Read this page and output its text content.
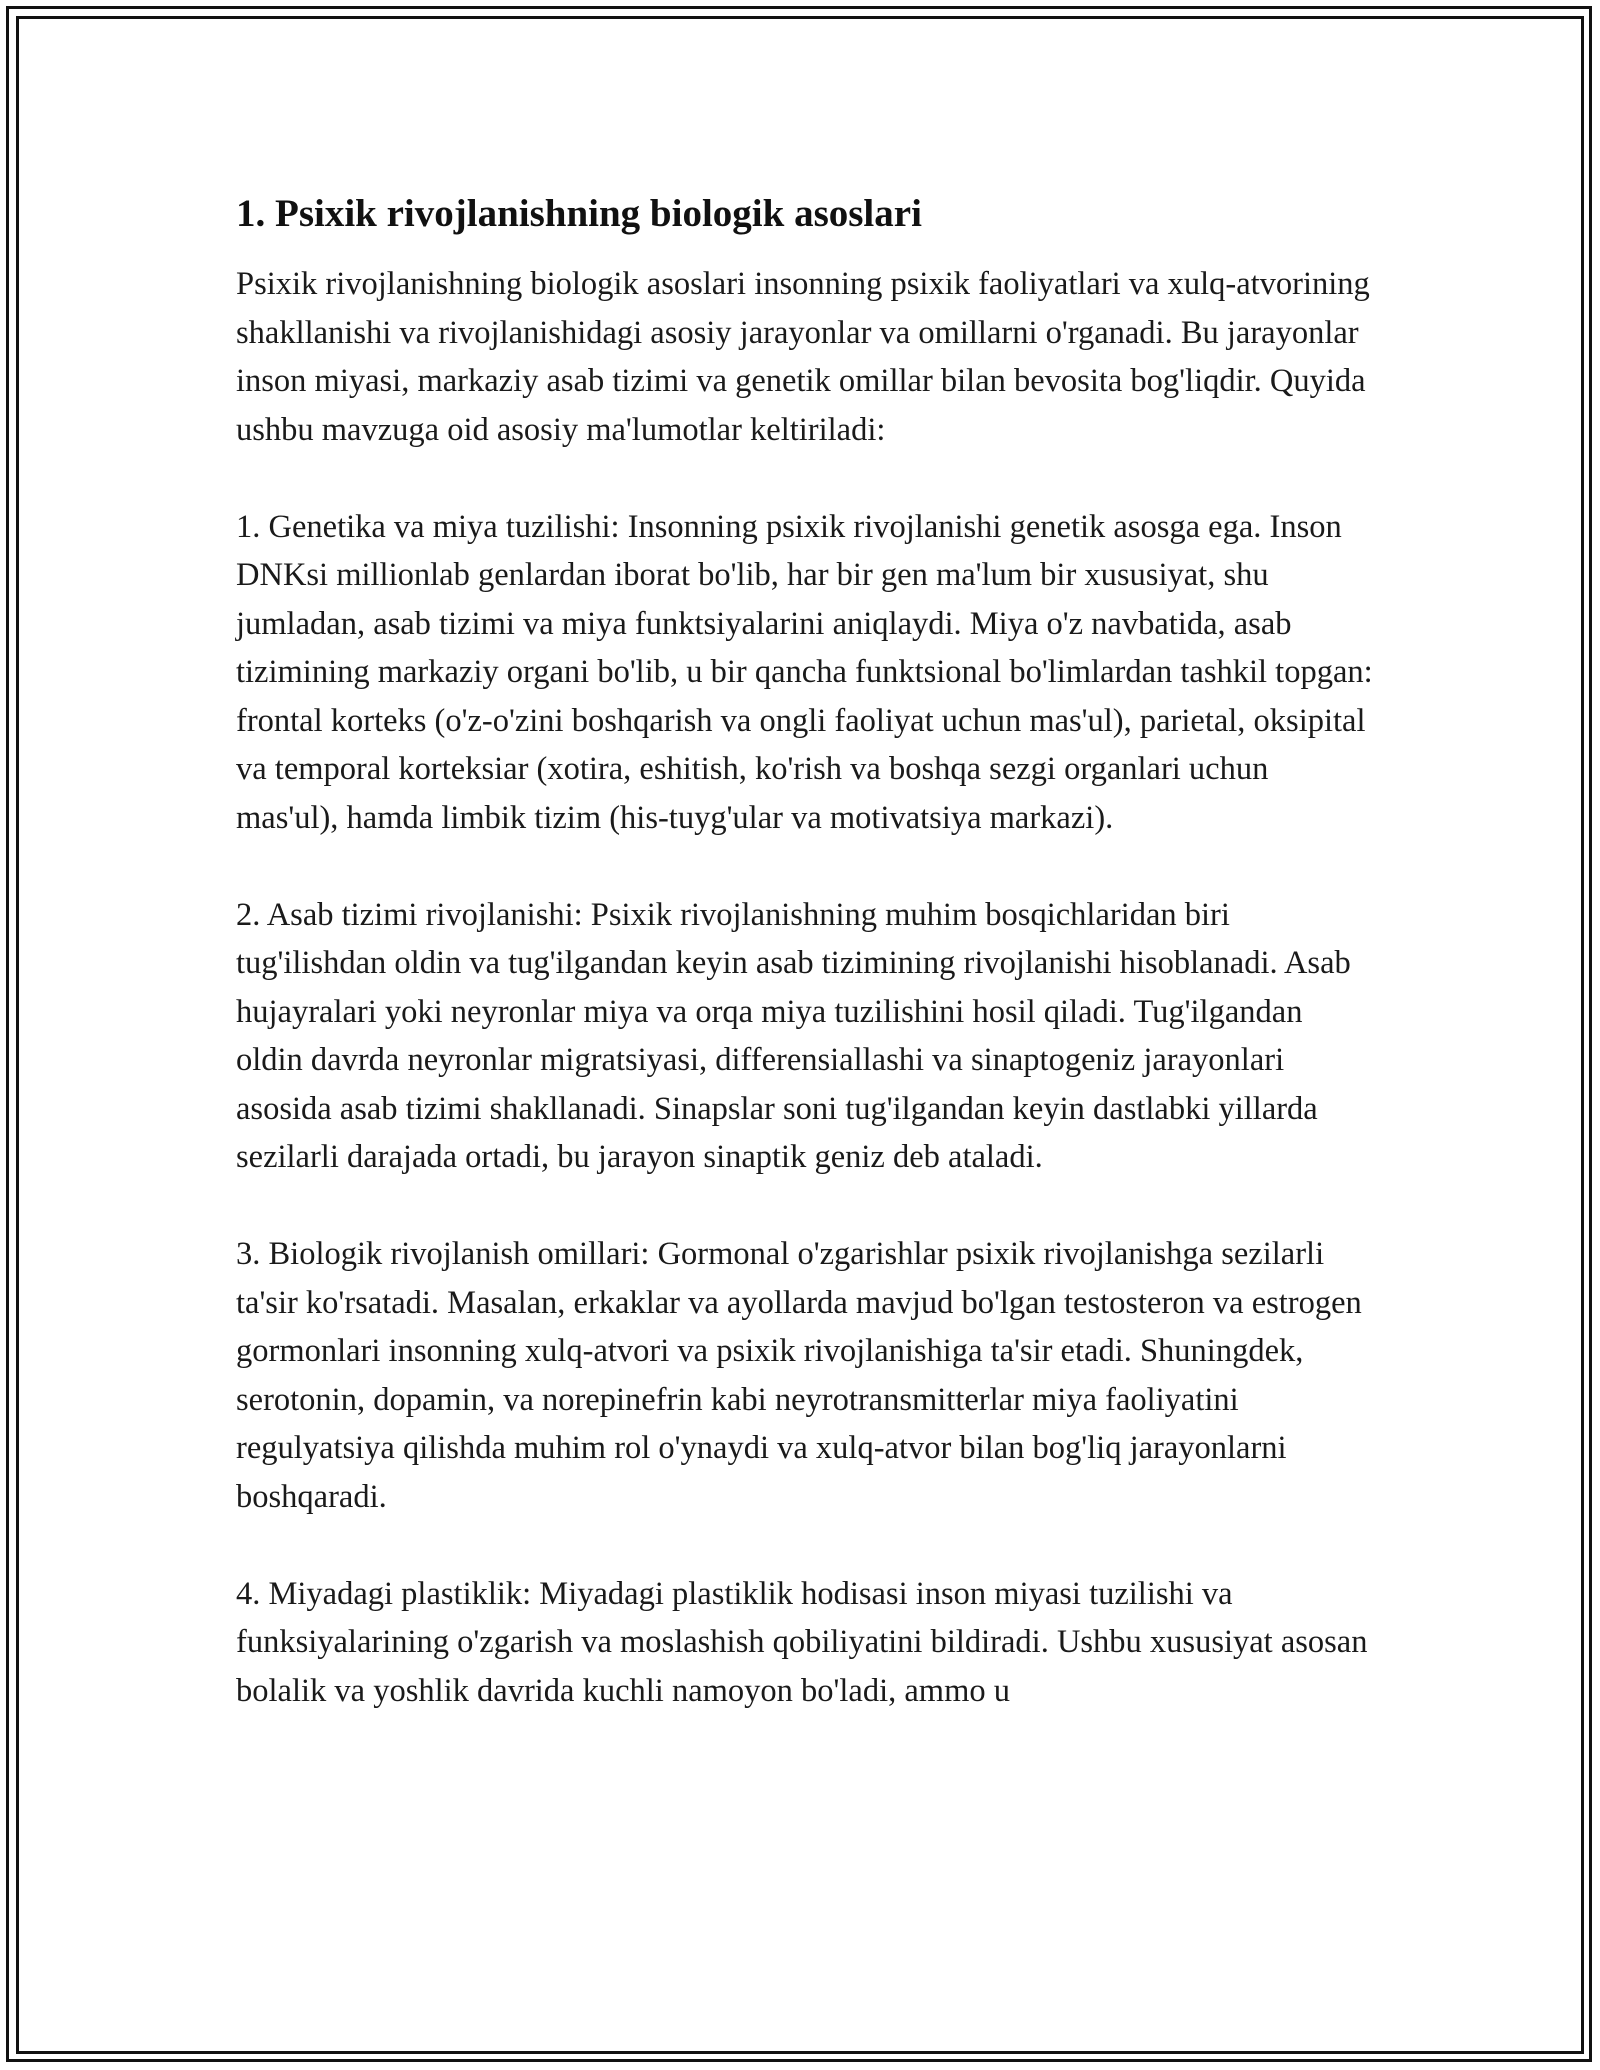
1. Psixik rivojlanishning biologik asoslari

Psixik rivojlanishning biologik asoslari insonning psixik faoliyatlari va xulq-atvorining shakllanishi va rivojlanishidagi asosiy jarayonlar va omillarni o'rganadi. Bu jarayonlar inson miyasi, markaziy asab tizimi va genetik omillar bilan bevosita bog'liqdir. Quyida ushbu mavzuga oid asosiy ma'lumotlar keltiriladi:

1. Genetika va miya tuzilishi: Insonning psixik rivojlanishi genetik asosga ega. Inson DNKsi millionlab genlardan iborat bo'lib, har bir gen ma'lum bir xususiyat, shu jumladan, asab tizimi va miya funktsiyalarini aniqlaydi. Miya o'z navbatida, asab tizimining markaziy organi bo'lib, u bir qancha funktsional bo'limlardan tashkil topgan: frontal korteks (o'z-o'zini boshqarish va ongli faoliyat uchun mas'ul), parietal, oksipital va temporal korteksiar (xotira, eshitish, ko'rish va boshqa sezgi organlari uchun mas'ul), hamda limbik tizim (his-tuyg'ular va motivatsiya markazi).

2. Asab tizimi rivojlanishi: Psixik rivojlanishning muhim bosqichlaridan biri tug'ilishdan oldin va tug'ilgandan keyin asab tizimining rivojlanishi hisoblanadi. Asab hujayralari yoki neyronlar miya va orqa miya tuzilishini hosil qiladi. Tug'ilgandan oldin davrda neyronlar migratsiyasi, differensiallashi va sinaptogeniz jarayonlari asosida asab tizimi shakllanadi. Sinapslar soni tug'ilgandan keyin dastlabki yillarda sezilarli darajada ortadi, bu jarayon sinaptik geniz deb ataladi.

3. Biologik rivojlanish omillari: Gormonal o'zgarishlar psixik rivojlanishga sezilarli ta'sir ko'rsatadi. Masalan, erkaklar va ayollarda mavjud bo'lgan testosteron va estrogen gormonlari insonning xulq-atvori va psixik rivojlanishiga ta'sir etadi. Shuningdek, serotonin, dopamin, va norepinefrin kabi neyrotransmitterlar miya faoliyatini regulyatsiya qilishda muhim rol o'ynaydi va xulq-atvor bilan bog'liq jarayonlarni boshqaradi.

4. Miyadagi plastiklik: Miyadagi plastiklik hodisasi inson miyasi tuzilishi va funksiyalarining o'zgarish va moslashish qobiliyatini bildiradi. Ushbu xususiyat asosan bolalik va yoshlik davrida kuchli namoyon bo'ladi, ammo u
